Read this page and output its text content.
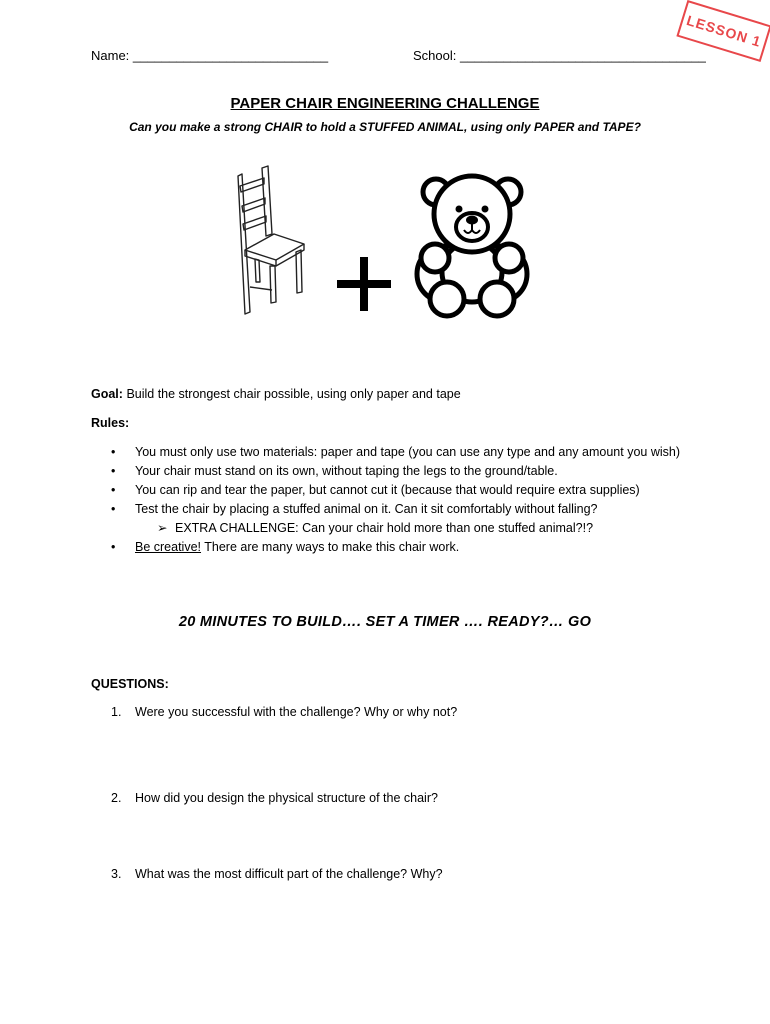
LESSON 1
Name: ___________________________	School: __________________________________
PAPER CHAIR ENGINEERING CHALLENGE
Can you make a strong CHAIR to hold a STUFFED ANIMAL, using only PAPER and TAPE?
Goal: Build the strongest chair possible, using only paper and tape
Rules:
• You must only use two materials: paper and tape (you can use any type and any amount you wish)
• Your chair must stand on its own, without taping the legs to the ground/table.
• You can rip and tear the paper, but cannot cut it (because that would require extra supplies)
• Test the chair by placing a stuffed animal on it. Can it sit comfortably without falling?
➢ EXTRA CHALLENGE: Can your chair hold more than one stuffed animal?!?
• Be creative! There are many ways to make this chair work.
20 MINUTES TO BUILD…. SET A TIMER …. READY?… GO
QUESTIONS:
1. Were you successful with the challenge? Why or why not?
2. How did you design the physical structure of the chair?
3. What was the most difficult part of the challenge? Why?
